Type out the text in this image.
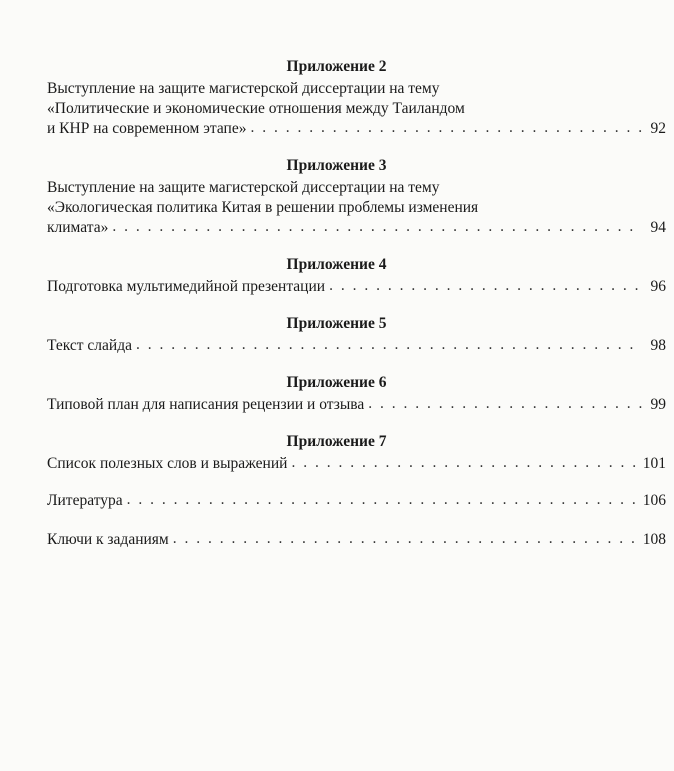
Приложение 2
Выступление на защите магистерской диссертации на тему
«Политические и экономические отношения между Таиландом
и КНР на современном этапе» . . .	92
Приложение 3
Выступление на защите магистерской диссертации на тему
«Экологическая политика Китая в решении проблемы изменения
климата» . . .	94
Приложение 4
Подготовка мультимедийной презентации . . .	96
Приложение 5
Текст слайда . . .	98
Приложение 6
Типовой план для написания рецензии и отзыва . . .	99
Приложение 7
Список полезных слов и выражений . . .	101
Литература . . .	106
Ключи к заданиям . . .	108
